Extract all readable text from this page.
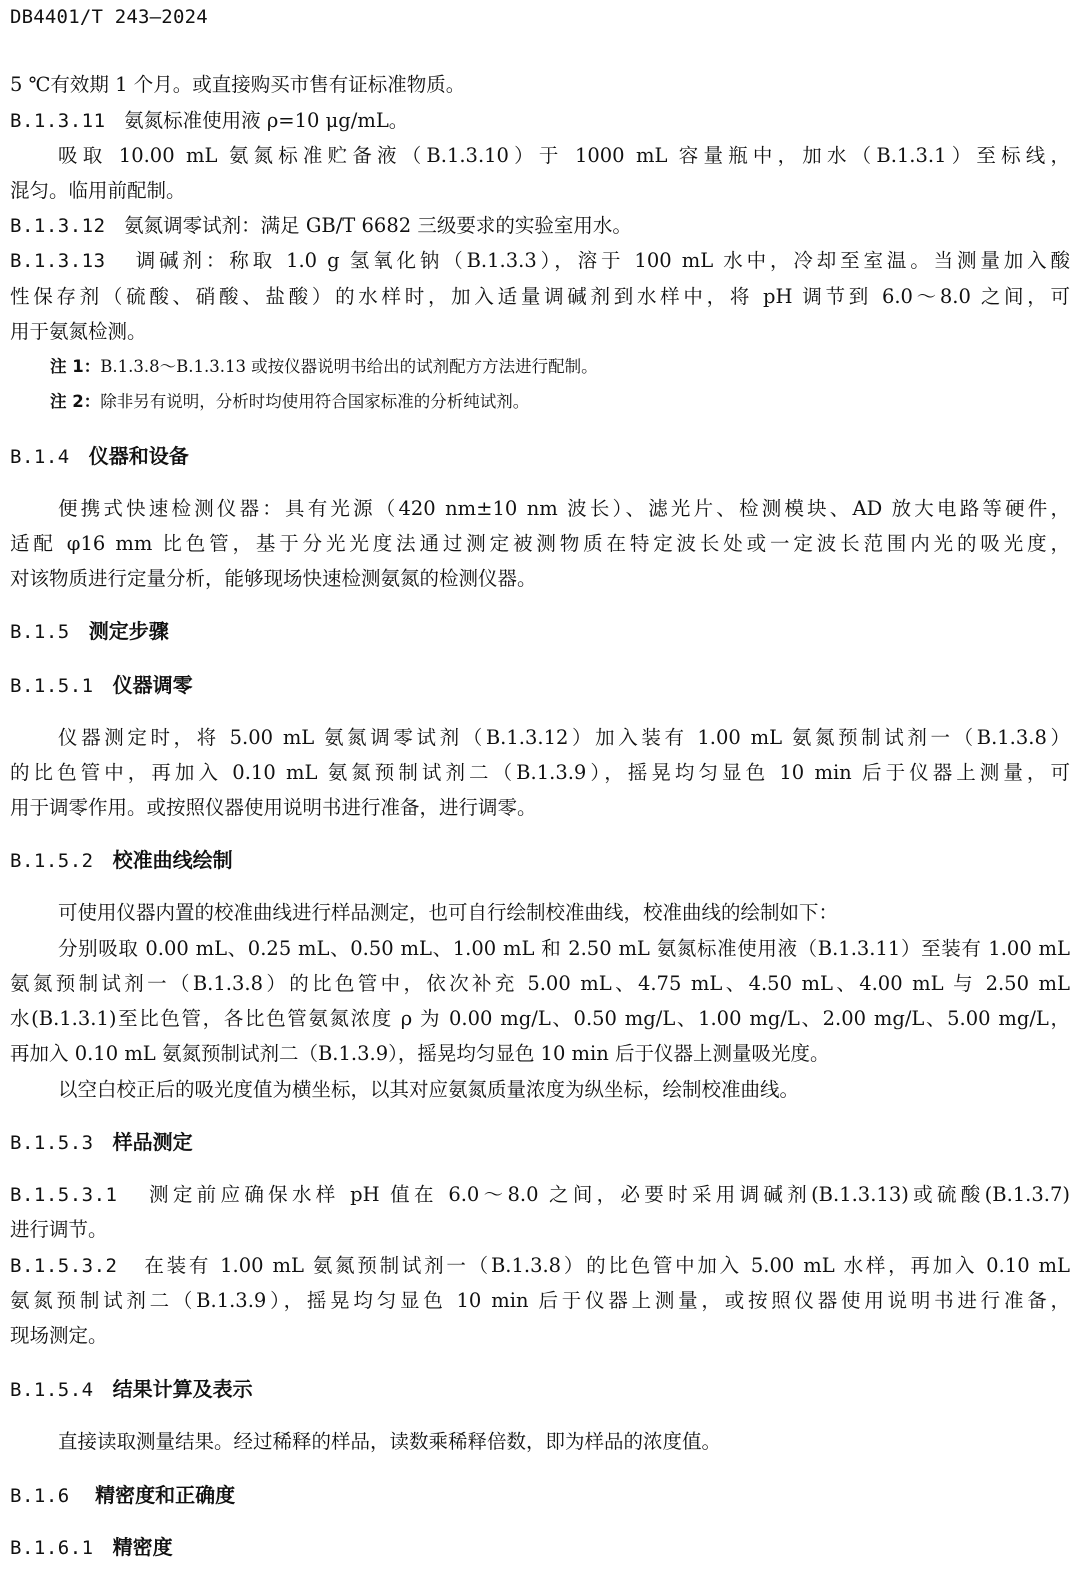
DB4401/T 243—2024
5 ℃有效期 1 个月。或直接购买市售有证标准物质。
B.1.3.11 氨氮标准使用液 ρ=10 μg/mL。
吸取 10.00 mL 氨氮标准贮备液（B.1.3.10）于 1000 mL 容量瓶中，加水（B.1.3.1）至标线，
混匀。临用前配制。
B.1.3.12 氨氮调零试剂：满足 GB/T 6682 三级要求的实验室用水。
B.1.3.13 调碱剂：称取 1.0 g 氢氧化钠（B.1.3.3），溶于 100 mL 水中，冷却至室温。当测量加入酸
性保存剂（硫酸、硝酸、盐酸）的水样时，加入适量调碱剂到水样中，将 pH 调节到 6.0～8.0 之间，可
用于氨氮检测。
注 1：B.1.3.8～B.1.3.13 或按仪器说明书给出的试剂配方方法进行配制。
注 2：除非另有说明，分析时均使用符合国家标准的分析纯试剂。
B.1.4 仪器和设备
便携式快速检测仪器：具有光源（420 nm±10 nm 波长）、滤光片、检测模块、AD 放大电路等硬件，
适配 φ16 mm 比色管，基于分光光度法通过测定被测物质在特定波长处或一定波长范围内光的吸光度，
对该物质进行定量分析，能够现场快速检测氨氮的检测仪器。
B.1.5 测定步骤
B.1.5.1 仪器调零
仪器测定时，将 5.00 mL 氨氮调零试剂（B.1.3.12）加入装有 1.00 mL 氨氮预制试剂一（B.1.3.8）
的比色管中，再加入 0.10 mL 氨氮预制试剂二（B.1.3.9），摇晃均匀显色 10 min 后于仪器上测量，可
用于调零作用。或按照仪器使用说明书进行准备，进行调零。
B.1.5.2 校准曲线绘制
可使用仪器内置的校准曲线进行样品测定，也可自行绘制校准曲线，校准曲线的绘制如下：
分别吸取 0.00 mL、0.25 mL、0.50 mL、1.00 mL 和 2.50 mL 氨氮标准使用液（B.1.3.11）至装有 1.00 mL
氨氮预制试剂一（B.1.3.8）的比色管中，依次补充 5.00 mL、4.75 mL、4.50 mL、4.00 mL 与 2.50 mL
水(B.1.3.1)至比色管，各比色管氨氮浓度 ρ 为 0.00 mg/L、0.50 mg/L、1.00 mg/L、2.00 mg/L、5.00 mg/L，
再加入 0.10 mL 氨氮预制试剂二（B.1.3.9），摇晃均匀显色 10 min 后于仪器上测量吸光度。
以空白校正后的吸光度值为横坐标，以其对应氨氮质量浓度为纵坐标，绘制校准曲线。
B.1.5.3 样品测定
B.1.5.3.1 测定前应确保水样 pH 值在 6.0～8.0 之间，必要时采用调碱剂(B.1.3.13)或硫酸(B.1.3.7)
进行调节。
B.1.5.3.2 在装有 1.00 mL 氨氮预制试剂一（B.1.3.8）的比色管中加入 5.00 mL 水样，再加入 0.10 mL
氨氮预制试剂二（B.1.3.9），摇晃均匀显色 10 min 后于仪器上测量，或按照仪器使用说明书进行准备，
现场测定。
B.1.5.4 结果计算及表示
直接读取测量结果。经过稀释的样品，读数乘稀释倍数，即为样品的浓度值。
B.1.6 精密度和正确度
B.1.6.1 精密度
